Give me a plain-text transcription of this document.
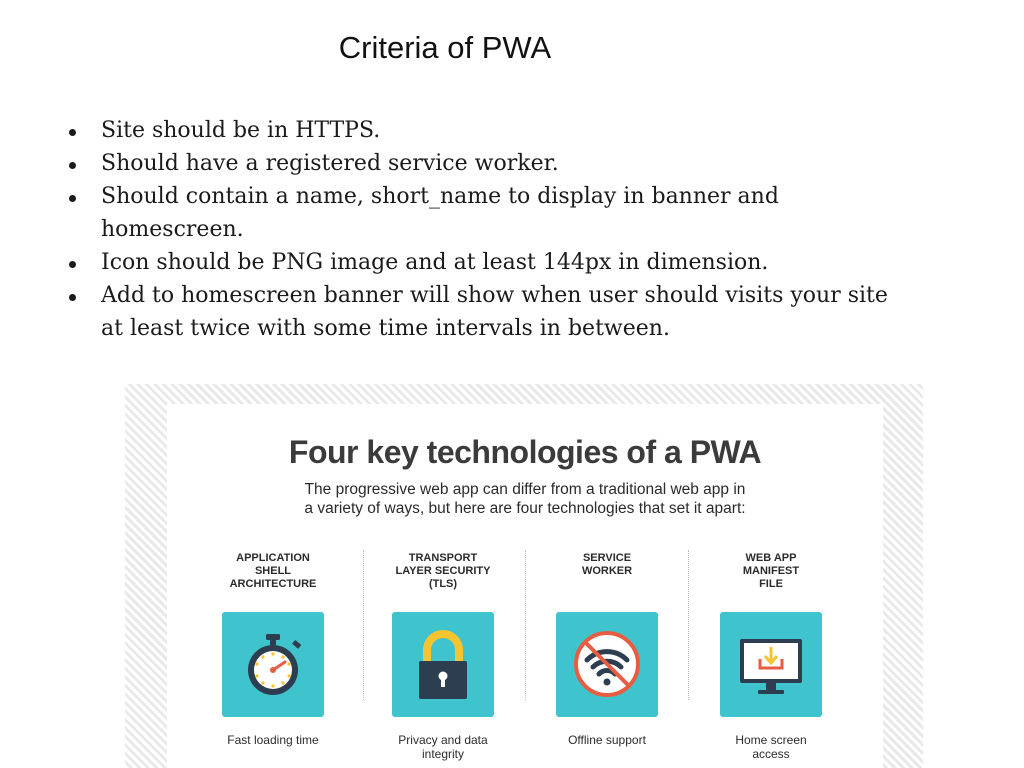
Criteria of PWA
Site should be in HTTPS.
Should have a registered service worker.
Should contain a name, short_name to display in banner and homescreen.
Icon should be PNG image and at least 144px in dimension.
Add to homescreen banner will show when user should visits your site at least twice with some time intervals in between.
Four key technologies of a PWA
The progressive web app can differ from a traditional web app in
a variety of ways, but here are four technologies that set it apart:
APPLICATION
SHELL
ARCHITECTURE
Fast loading time
TRANSPORT
LAYER SECURITY
(TLS)
Privacy and data
integrity
SERVICE
WORKER
Offline support
WEB APP
MANIFEST
FILE
Home screen
access
